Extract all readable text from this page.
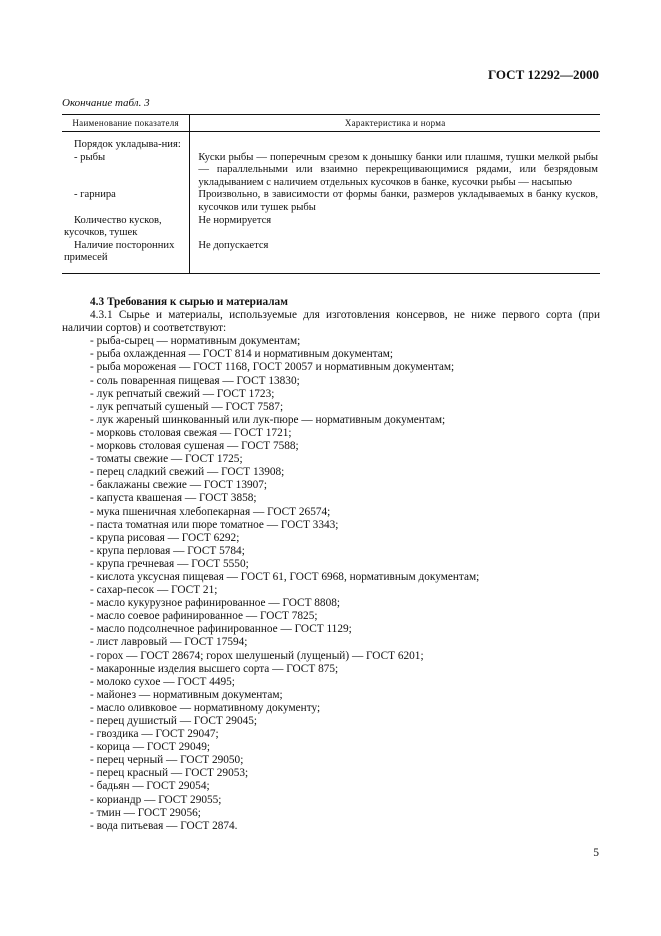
ГОСТ 12292—2000
Окончание табл. 3
Наименование показателя	Характеристика и норма
Порядок укладыва-ния:	
- рыбы	Куски рыбы — поперечным срезом к донышку банки или плашмя, тушки мелкой рыбы — параллельными или взаимно перекрещивающимися рядами, или безрядовым укладыванием с наличием отдельных кусочков в банке, кусочки рыбы — насыпью
- гарнира	Произвольно, в зависимости от формы банки, размеров укладываемых в банку кусков, кусочков или тушек рыбы
Количество кусков, кусочков, тушек	Не нормируется
Наличие посторонних примесей	Не допускается
4.3 Требования к сырью и материалам
4.3.1 Сырье и материалы, используемые для изготовления консервов, не ниже первого сорта (при наличии сортов) и соответствуют:
- рыба-сырец — нормативным документам;
- рыба охлажденная — ГОСТ 814 и нормативным документам;
- рыба мороженая — ГОСТ 1168, ГОСТ 20057 и нормативным документам;
- соль поваренная пищевая — ГОСТ 13830;
- лук репчатый свежий — ГОСТ 1723;
- лук репчатый сушеный — ГОСТ 7587;
- лук жареный шинкованный или лук-пюре — нормативным документам;
- морковь столовая свежая — ГОСТ 1721;
- морковь столовая сушеная — ГОСТ 7588;
- томаты свежие — ГОСТ 1725;
- перец сладкий свежий — ГОСТ 13908;
- баклажаны свежие — ГОСТ 13907;
- капуста квашеная — ГОСТ 3858;
- мука пшеничная хлебопекарная — ГОСТ 26574;
- паста томатная или пюре томатное — ГОСТ 3343;
- крупа рисовая — ГОСТ 6292;
- крупа перловая — ГОСТ 5784;
- крупа гречневая — ГОСТ 5550;
- кислота уксусная пищевая — ГОСТ 61, ГОСТ 6968, нормативным документам;
- сахар-песок — ГОСТ 21;
- масло кукурузное рафинированное — ГОСТ 8808;
- масло соевое рафинированное — ГОСТ 7825;
- масло подсолнечное рафинированное — ГОСТ 1129;
- лист лавровый — ГОСТ 17594;
- горох — ГОСТ 28674; горох шелушеный (лущеный) — ГОСТ 6201;
- макаронные изделия высшего сорта — ГОСТ 875;
- молоко сухое — ГОСТ 4495;
- майонез — нормативным документам;
- масло оливковое — нормативному документу;
- перец душистый — ГОСТ 29045;
- гвоздика — ГОСТ 29047;
- корица — ГОСТ 29049;
- перец черный — ГОСТ 29050;
- перец красный — ГОСТ 29053;
- бадьян — ГОСТ 29054;
- кориандр — ГОСТ 29055;
- тмин — ГОСТ 29056;
- вода питьевая — ГОСТ 2874.
5
